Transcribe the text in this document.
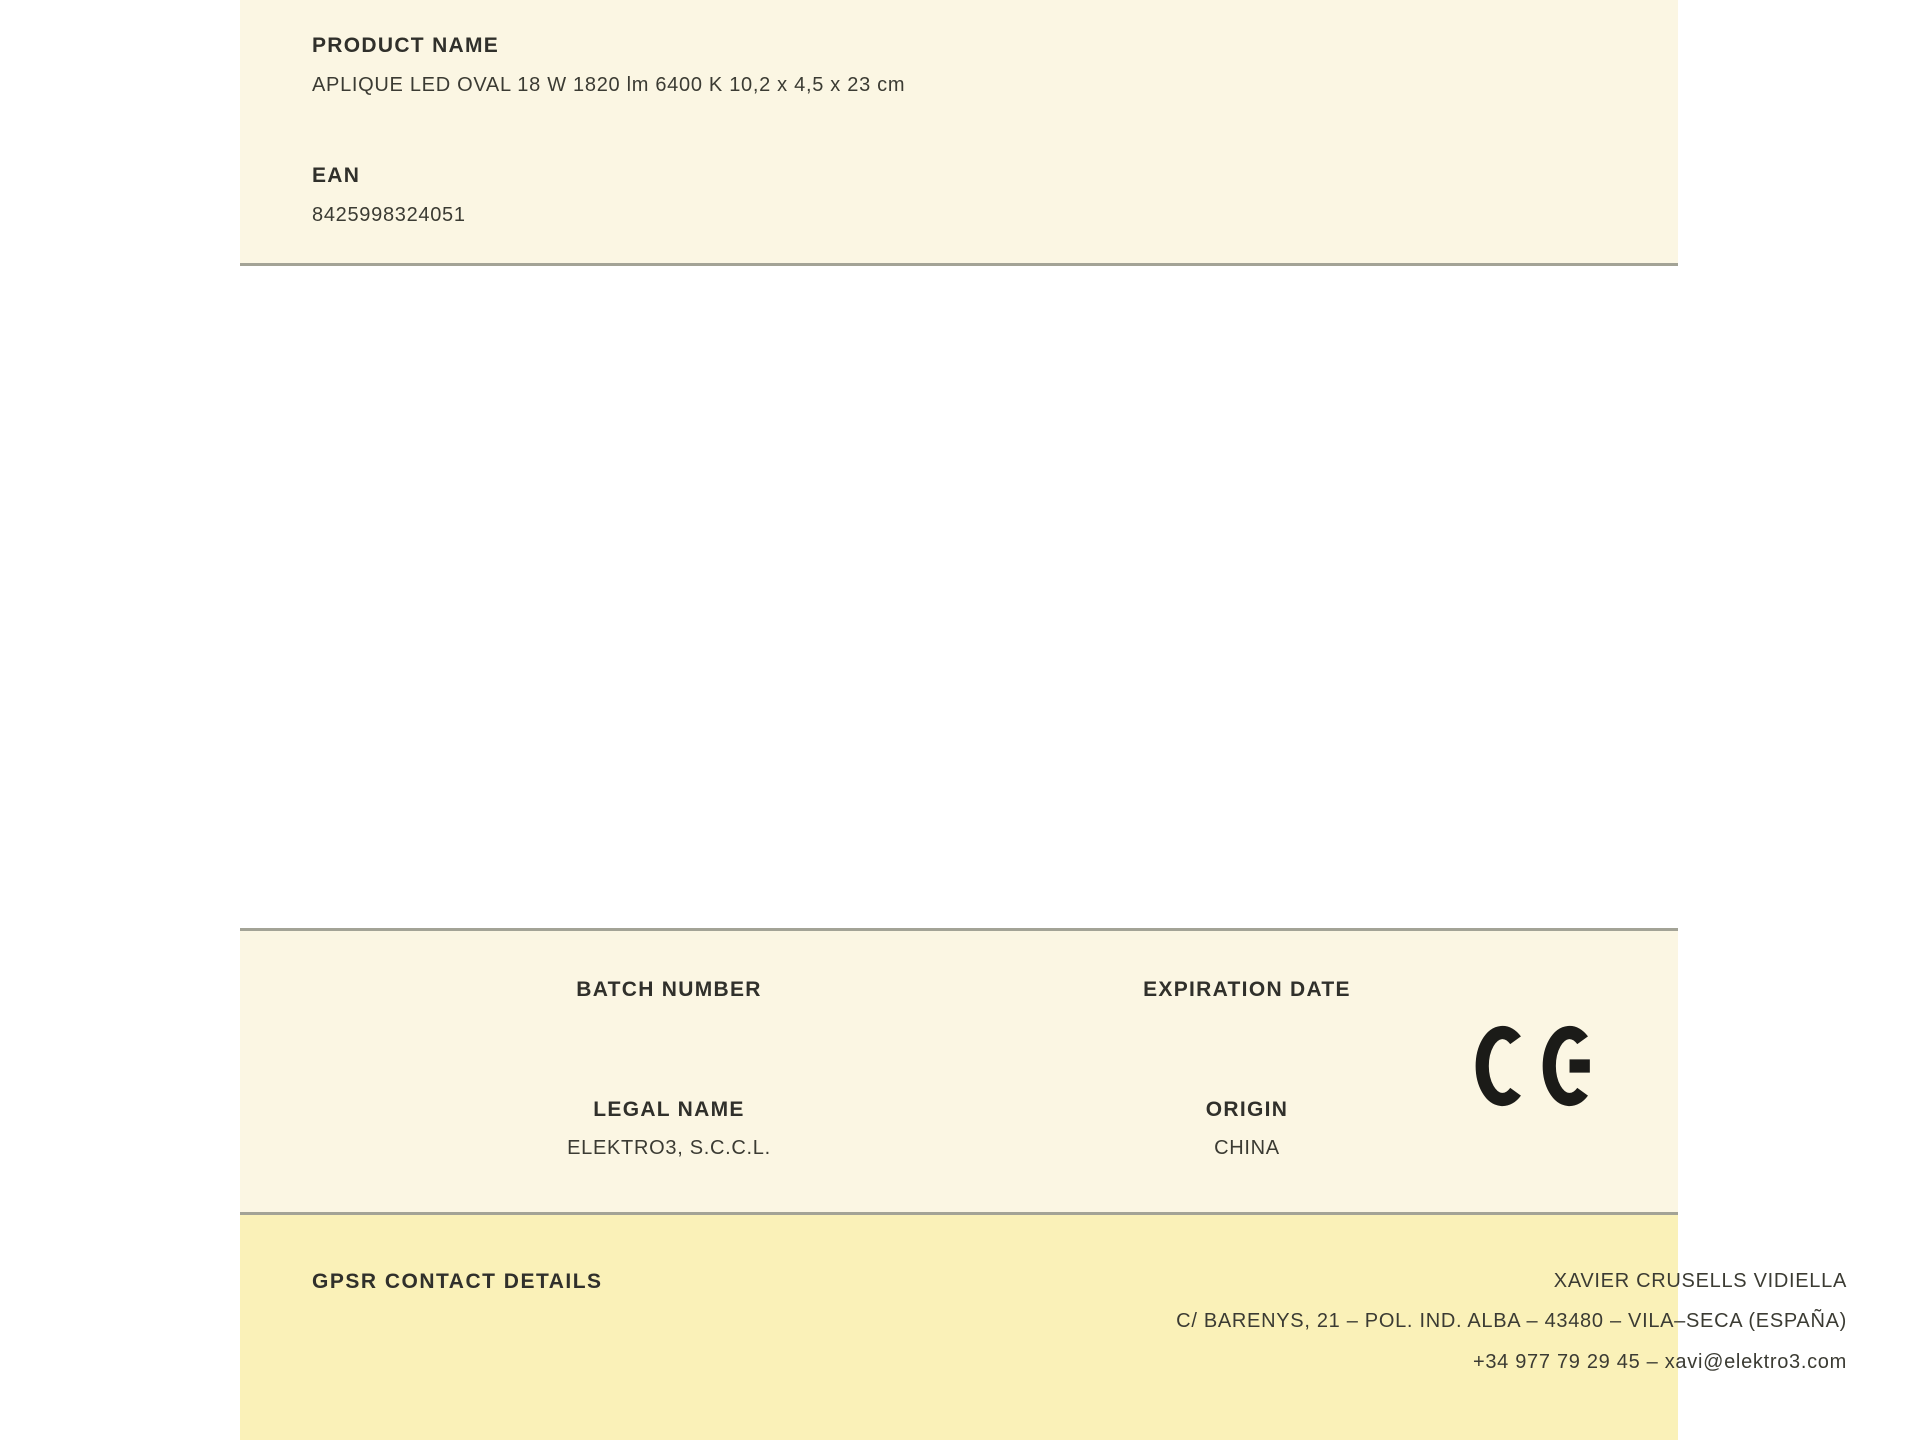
PRODUCT NAME
APLIQUE LED OVAL 18 W 1820 lm 6400 K 10,2 x 4,5 x 23 cm
EAN
8425998324051
BATCH NUMBER	EXPIRATION DATE
LEGAL NAME
ELEKTRO3, S.C.C.L.
ORIGIN
CHINA
GPSR CONTACT DETAILS	XAVIER CRUSELLS VIDIELLA
C/ BARENYS, 21 – POL. IND. ALBA – 43480 – VILA–SECA (ESPAÑA)
+34 977 79 29 45 – xavi@elektro3.com
